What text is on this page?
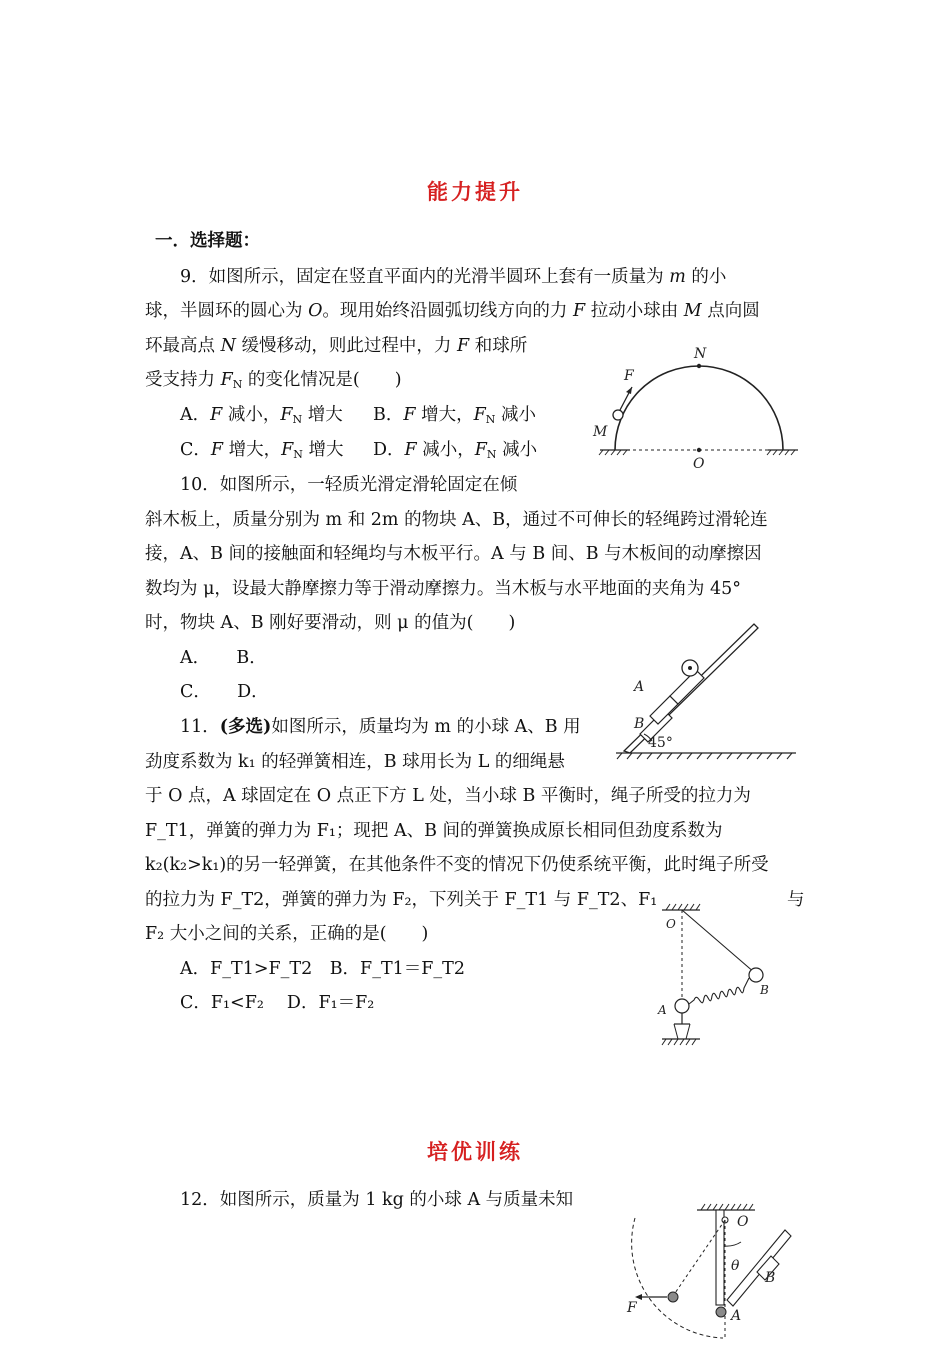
能力提升
一．选择题：
9．如图所示，固定在竖直平面内的光滑半圆环上套有一质量为 m 的小
球，半圆环的圆心为 O。现用始终沿圆弧切线方向的力 F 拉动小球由 M 点向圆
环最高点 N 缓慢移动，则此过程中，力 F 和球所
受支持力 $F_N$ 的变化情况是(　　)
A．F 减小，$F_N$ 增大 B．F 增大，$F_N$ 减小
C．F 增大，$F_N$ 增大 D．F 减小，$F_N$ 减小
N
F
M
O
10．如图所示，一轻质光滑定滑轮固定在倾
斜木板上，质量分别为 m 和 2m 的物块 A、B，通过不可伸长的轻绳跨过滑轮连
接，A、B 间的接触面和轻绳均与木板平行。A 与 B 间、B 与木板间的动摩擦因
数均为 μ，设最大静摩擦力等于滑动摩擦力。当木板与水平地面的夹角为 45°
时，物块 A、B 刚好要滑动，则 μ 的值为(　　)
A．　　B．
C．　　D．	A
B
45°
11．(多选)如图所示，质量均为 m 的小球 A、B 用
劲度系数为 k₁ 的轻弹簧相连，B 球用长为 L 的细绳悬
于 O 点，A 球固定在 O 点正下方 L 处，当小球 B 平衡时，绳子所受的拉力为
F_T1，弹簧的弹力为 F₁；现把 A、B 间的弹簧换成原长相同但劲度系数为
k₂(k₂>k₁)的另一轻弹簧，在其他条件不变的情况下仍使系统平衡，此时绳子所受
的拉力为 F_T2，弹簧的弹力为 F₂，下列关于 F_T1 与 F_T2、F₁	与
F₂ 大小之间的关系，正确的是(　　)
A．F_T1>F_T2　B．F_T1＝F_T2
C．F₁<F₂　 D．F₁＝F₂
O
A
B
培优训练
12．如图所示，质量为 1 kg 的小球 A 与质量未知
O
θ
B
F	A
